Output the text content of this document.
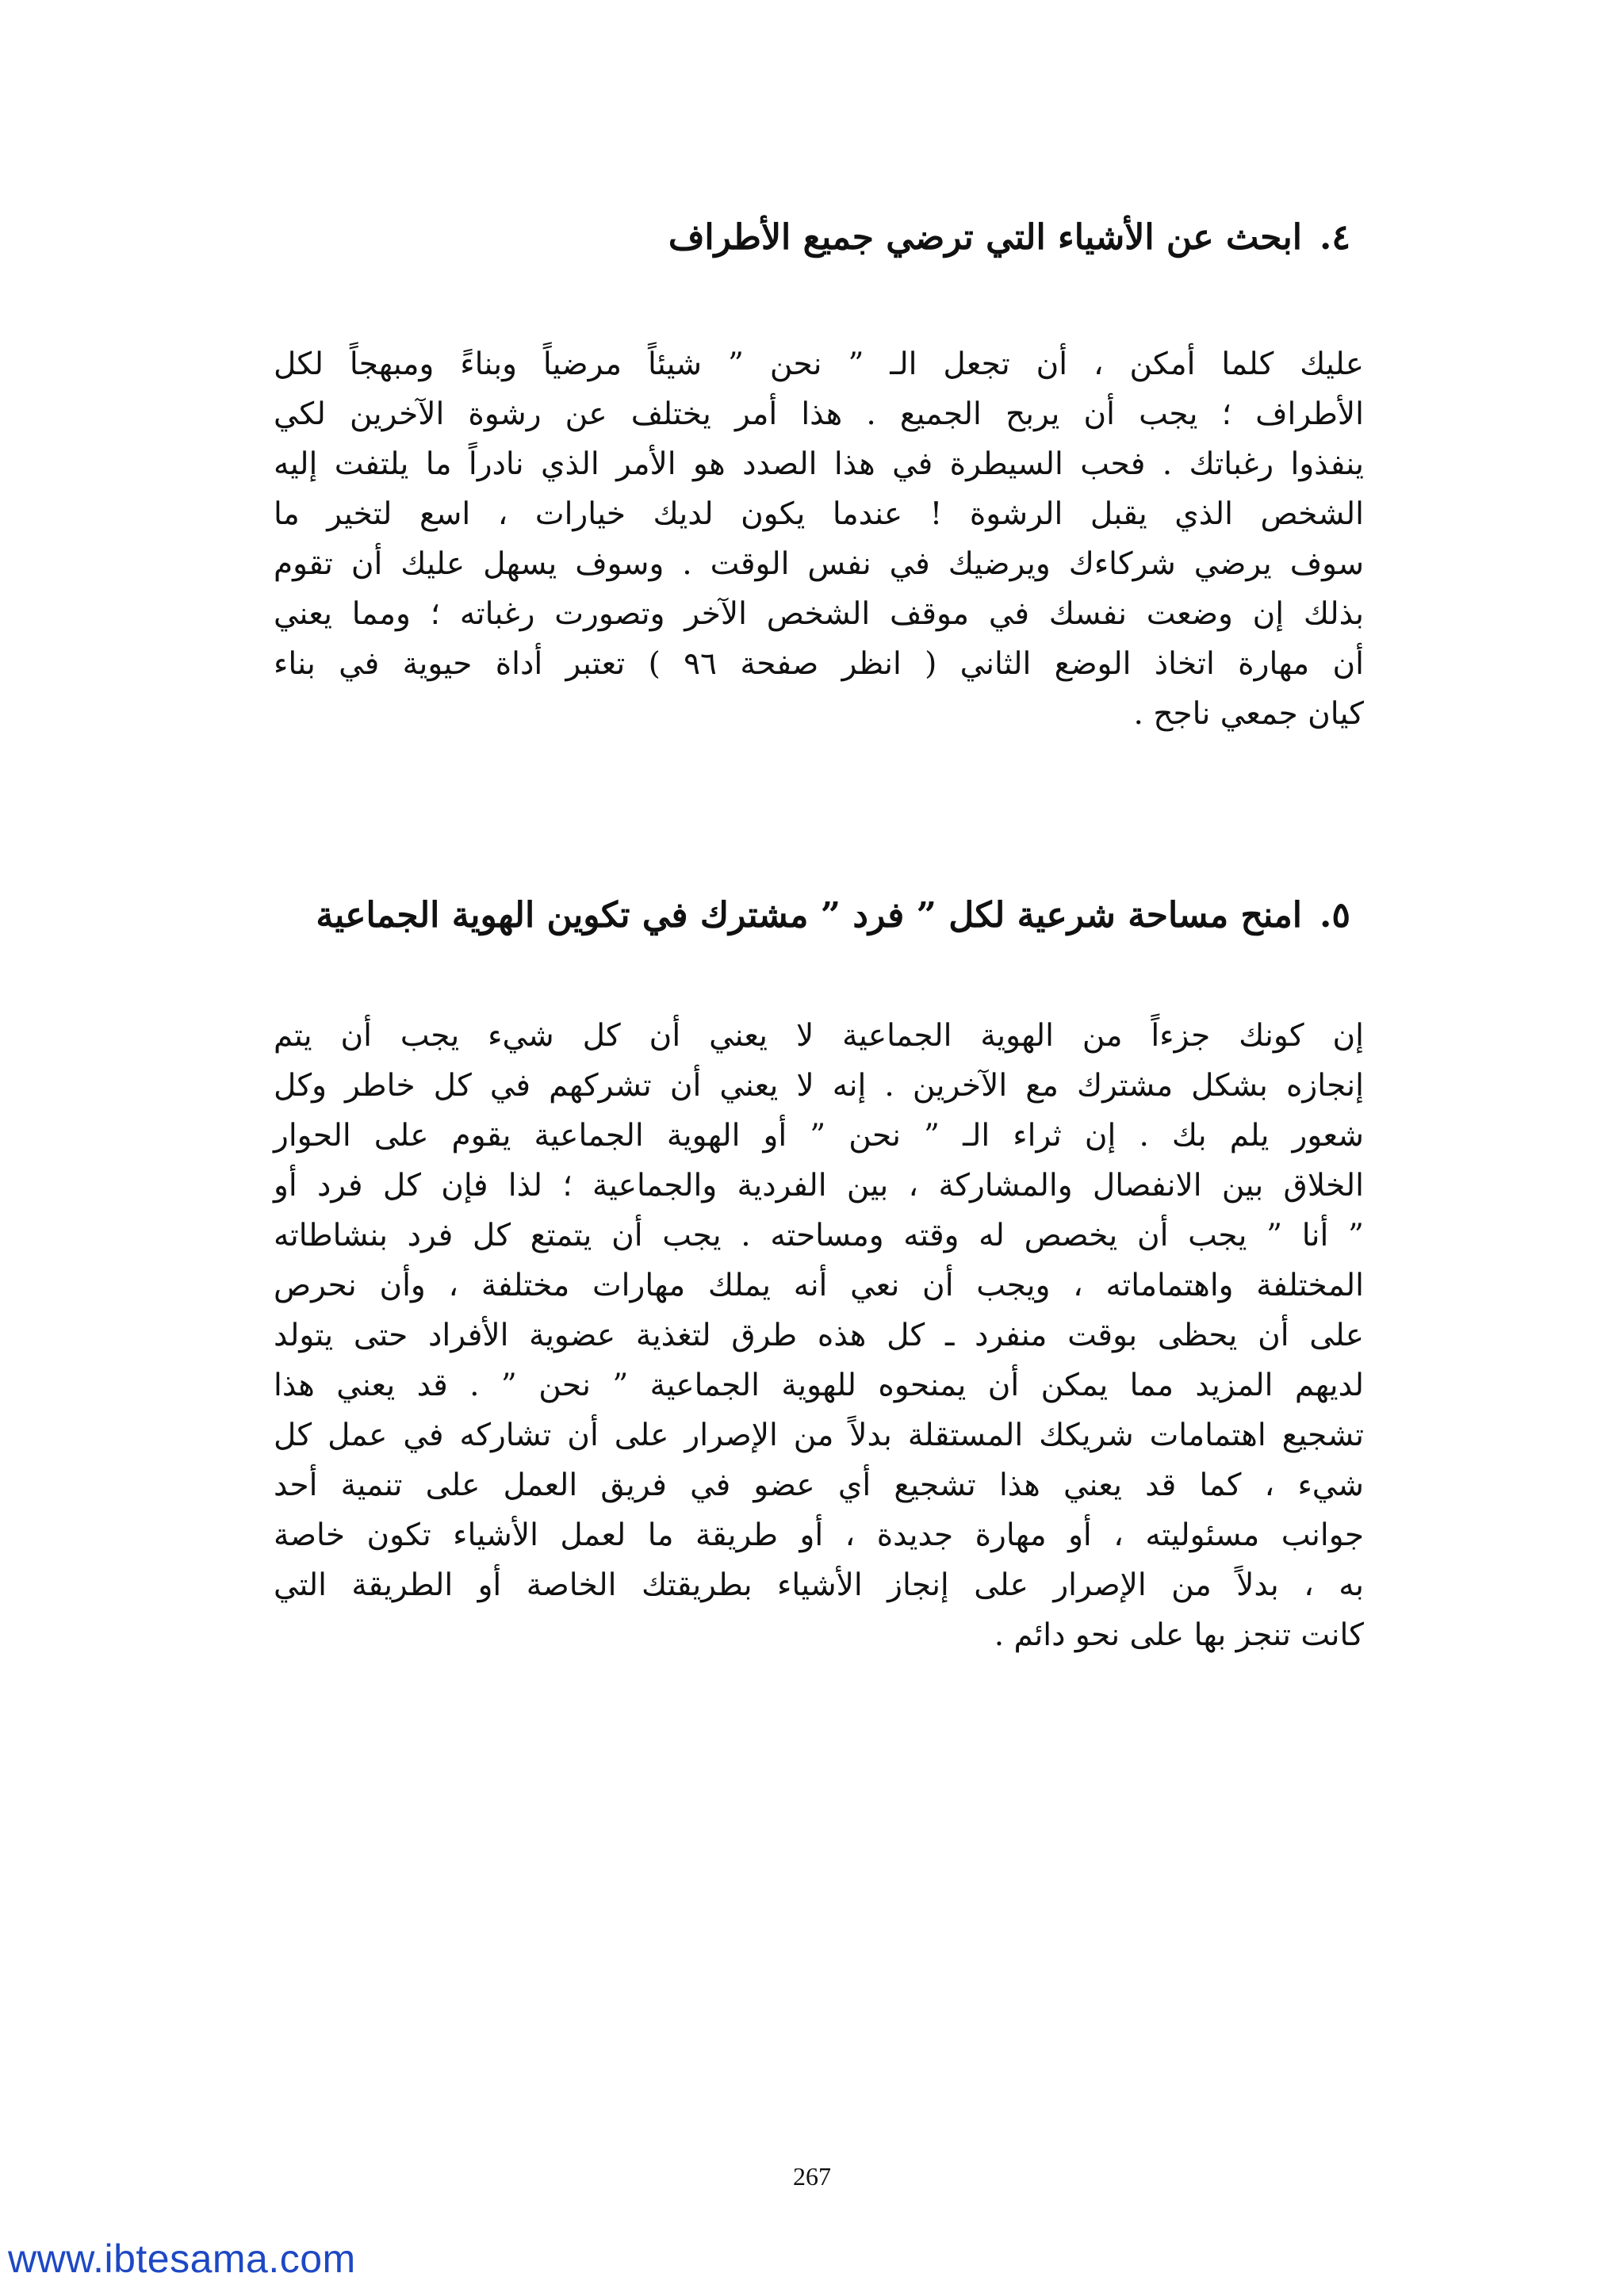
٤.ابحث عن الأشياء التي ترضي جميع الأطراف

عليك كلما أمكن ، أن تجعل الـ ” نحن ” شيئاً مرضياً وبناءً ومبهجاً لكل
الأطراف ؛ يجب أن يربح الجميع . هذا أمر يختلف عن رشوة الآخرين لكي
ينفذوا رغباتك . فحب السيطرة في هذا الصدد هو الأمر الذي نادراً ما يلتفت إليه
الشخص الذي يقبل الرشوة ! عندما يكون لديك خيارات ، اسع لتخير ما
سوف يرضي شركاءك ويرضيك في نفس الوقت . وسوف يسهل عليك أن تقوم
بذلك إن وضعت نفسك في موقف الشخص الآخر وتصورت رغباته ؛ ومما يعني
أن مهارة اتخاذ الوضع الثاني ( انظر صفحة ٩٦ ) تعتبر أداة حيوية في بناء
كيان جمعي ناجح .

٥.امنح مساحة شرعية لكل ” فرد ” مشترك في تكوين الهوية الجماعية

إن كونك جزءاً من الهوية الجماعية لا يعني أن كل شيء يجب أن يتم
إنجازه بشكل مشترك مع الآخرين . إنه لا يعني أن تشركهم في كل خاطر وكل
شعور يلم بك . إن ثراء الـ ” نحن ” أو الهوية الجماعية يقوم على الحوار
الخلاق بين الانفصال والمشاركة ، بين الفردية والجماعية ؛ لذا فإن كل فرد أو
” أنا ” يجب أن يخصص له وقته ومساحته . يجب أن يتمتع كل فرد بنشاطاته
المختلفة واهتماماته ، ويجب أن نعي أنه يملك مهارات مختلفة ، وأن نحرص
على أن يحظى بوقت منفرد ـ كل هذه طرق لتغذية عضوية الأفراد حتى يتولد
لديهم المزيد مما يمكن أن يمنحوه للهوية الجماعية ” نحن ” . قد يعني هذا
تشجيع اهتمامات شريكك المستقلة بدلاً من الإصرار على أن تشاركه في عمل كل
شيء ، كما قد يعني هذا تشجيع أي عضو في فريق العمل على تنمية أحد
جوانب مسئوليته ، أو مهارة جديدة ، أو طريقة ما لعمل الأشياء تكون خاصة
به ، بدلاً من الإصرار على إنجاز الأشياء بطريقتك الخاصة أو الطريقة التي
كانت تنجز بها على نحو دائم .

267
www.ibtesama.com
